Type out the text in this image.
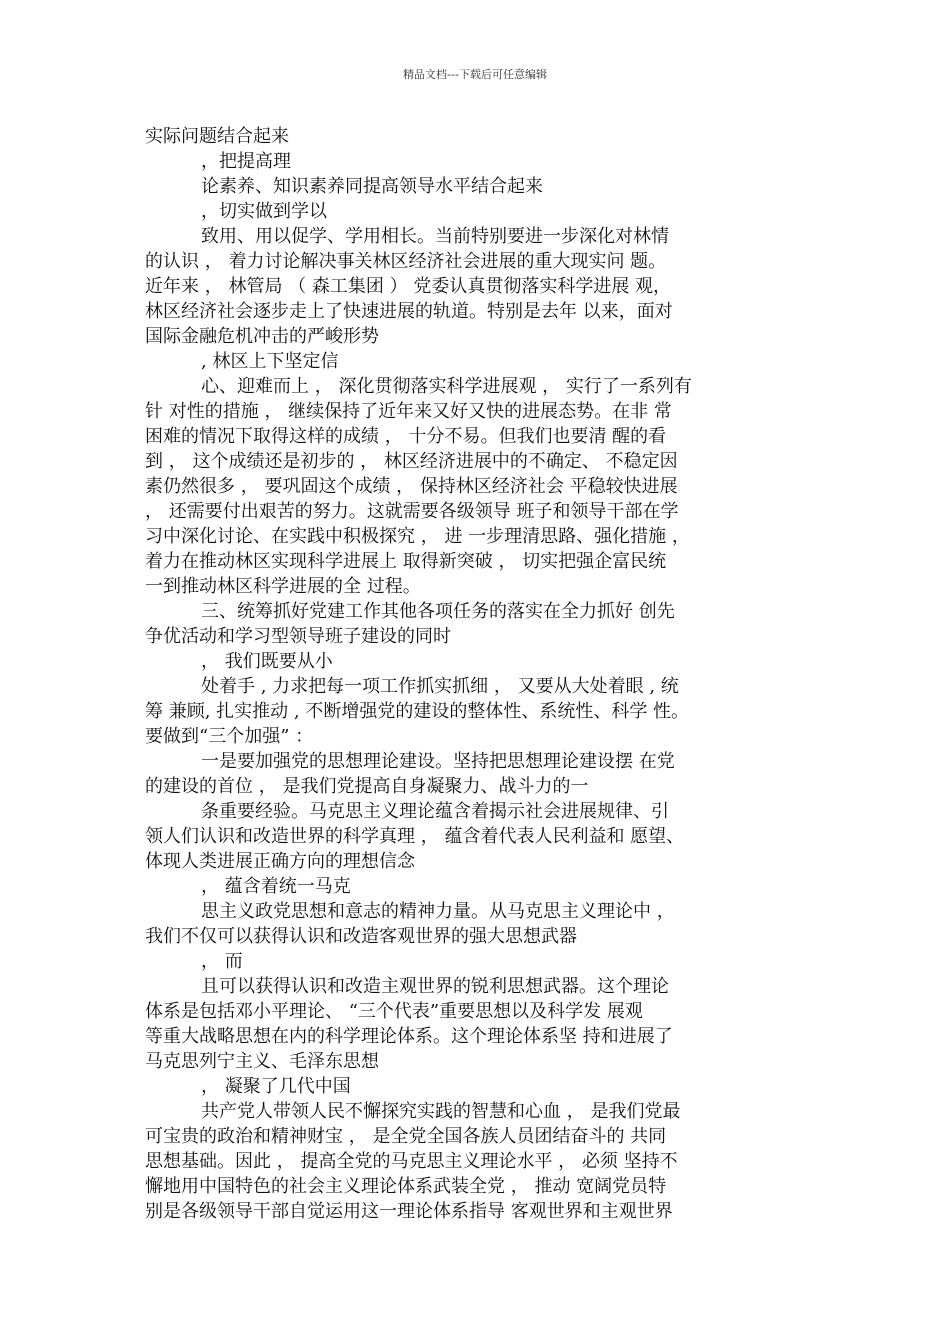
精品文档---下载后可任意编辑
实际问题结合起来
，把提高理
论素养、知识素养同提高领导水平结合起来
，切实做到学以
致用、用以促学、学用相长。当前特别要进一步深化对林情
的认识 ， 着力讨论解决事关林区经济社会进展的重大现实问 题。
近年来 ， 林管局 （ 森工集团 ） 党委认真贯彻落实科学进展 观，
林区经济社会逐步走上了快速进展的轨道。特别是去年 以来，面对
国际金融危机冲击的严峻形势
, 林区上下坚定信
心、迎难而上 ， 深化贯彻落实科学进展观 ， 实行了一系列有
针 对性的措施 ， 继续保持了近年来又好又快的进展态势。在非 常
困难的情况下取得这样的成绩 ， 十分不易。但我们也要清 醒的看
到 ， 这个成绩还是初步的 ， 林区经济进展中的不确定、 不稳定因
素仍然很多 ， 要巩固这个成绩 ， 保持林区经济社会 平稳较快进展
， 还需要付出艰苦的努力。这就需要各级领导 班子和领导干部在学
习中深化讨论、在实践中积极探究 ， 进 一步理清思路、强化措施 ，
着力在推动林区实现科学进展上 取得新突破 ， 切实把强企富民统
一到推动林区科学进展的全 过程。
三、统筹抓好党建工作其他各项任务的落实在全力抓好 创先
争优活动和学习型领导班子建设的同时
， 我们既要从小
处着手 , 力求把每一项工作抓实抓细 ， 又要从大处着眼 , 统
筹 兼顾, 扎实推动 , 不断增强党的建设的整体性、系统性、科学 性。
要做到“三个加强” ：
一是要加强党的思想理论建设。坚持把思想理论建设摆 在党
的建设的首位 ， 是我们党提高自身凝聚力、战斗力的一
条重要经验。马克思主义理论蕴含着揭示社会进展规律、引
领人们认识和改造世界的科学真理 ， 蕴含着代表人民利益和 愿望、
体现人类进展正确方向的理想信念
， 蕴含着统一马克
思主义政党思想和意志的精神力量。从马克思主义理论中 ，
我们不仅可以获得认识和改造客观世界的强大思想武器
， 而
且可以获得认识和改造主观世界的锐利思想武器。这个理论
体系是包括邓小平理论、 “三个代表”重要思想以及科学发 展观
等重大战略思想在内的科学理论体系。这个理论体系坚 持和进展了
马克思列宁主义、毛泽东思想
， 凝聚了几代中国
共产党人带领人民不懈探究实践的智慧和心血 ， 是我们党最
可宝贵的政治和精神财宝 ， 是全党全国各族人员团结奋斗的 共同
思想基础。因此 ， 提高全党的马克思主义理论水平 ， 必须 坚持不
懈地用中国特色的社会主义理论体系武装全党 ， 推动 宽阔党员特
别是各级领导干部自觉运用这一理论体系指导 客观世界和主观世界
